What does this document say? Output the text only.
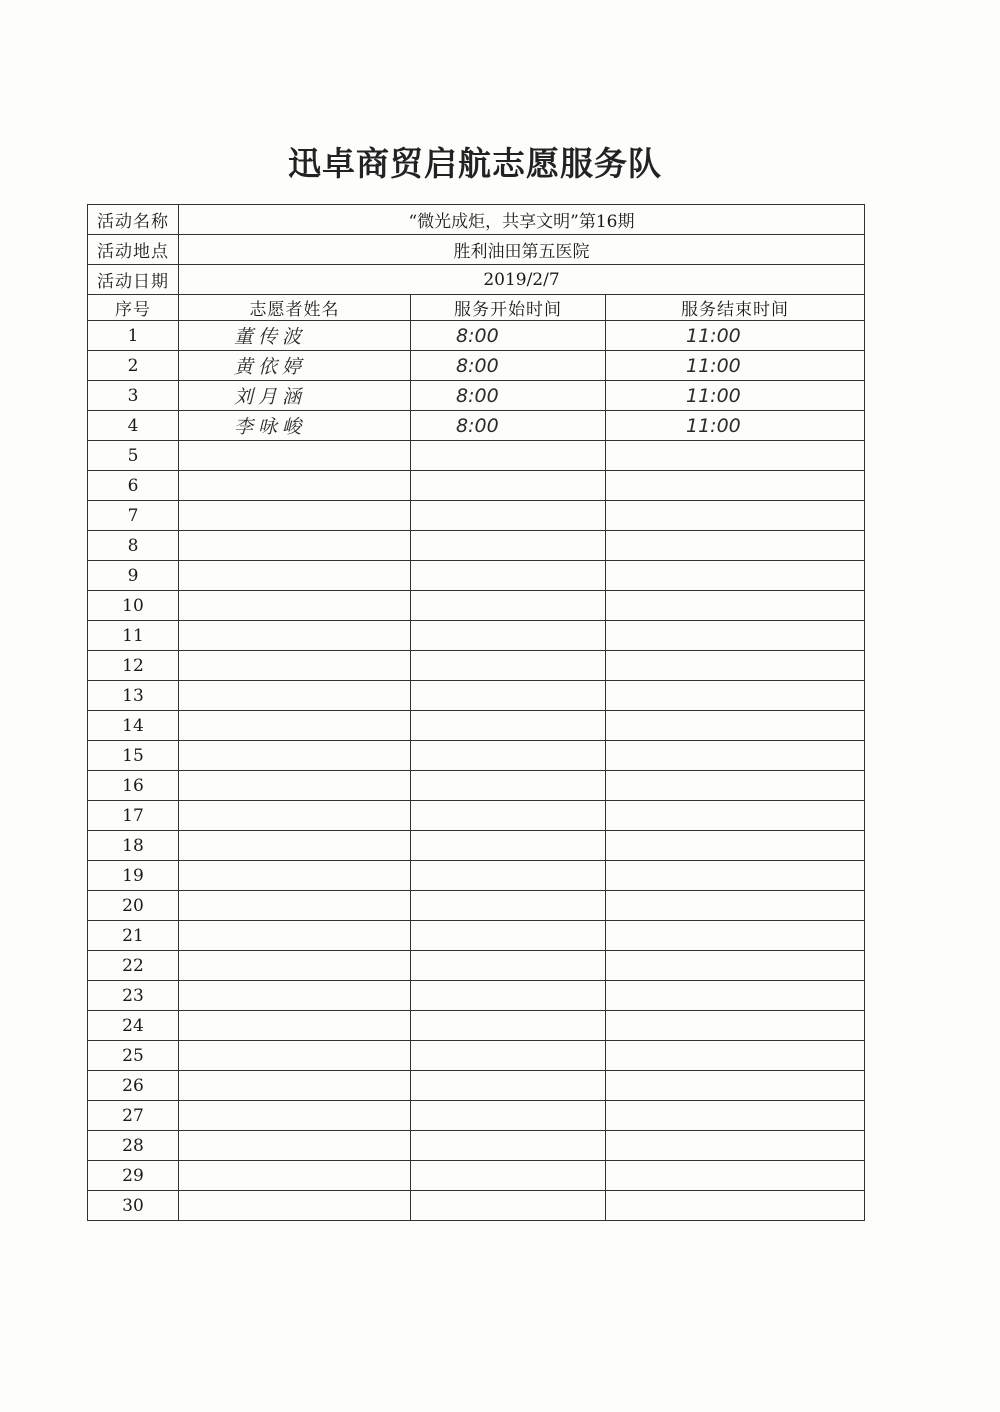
迅卓商贸启航志愿服务队
活动名称	“微光成炬，共享文明”第16期		
活动地点	胜利油田第五医院		
活动日期	2019/2/7		
序号	志愿者姓名	服务开始时间	服务结束时间
1	董传波	8:00	11:00
2	黄依婷	8:00	11:00
3	刘月涵	8:00	11:00
4	李咏峻	8:00	11:00
5			
6			
7			
8			
9			
10			
11			
12			
13			
14			
15			
16			
17			
18			
19			
20			
21			
22			
23			
24			
25			
26			
27			
28			
29			
30			
